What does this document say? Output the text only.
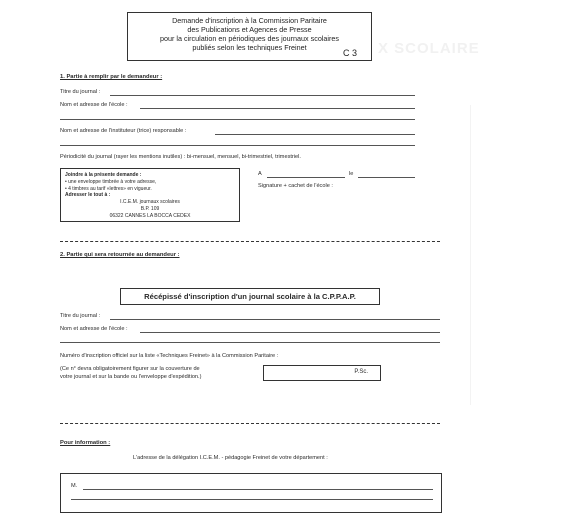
X SCOLAIRE
Demande d'inscription à la Commission Paritaire
des Publications et Agences de Presse
pour la circulation en périodiques des journaux scolaires
publiés selon les techniques Freinet
C 3
1. Partie à remplir par le demandeur :
Titre du journal :
Nom et adresse de l'école :
Nom et adresse de l'instituteur (trice) responsable :
Périodicité du journal (rayer les mentions inutiles) : bi-mensuel, mensuel, bi-trimestriel, trimestriel.
Joindre à la présente demande :
• une enveloppe timbrée à votre adresse,
• 4 timbres au tarif «lettres» en vigueur.
Adresser le tout à :
I.C.E.M. journaux scolaires
B.P. 109
06322 CANNES LA BOCCA CEDEX
A	le
Signature + cachet de l'école :
2. Partie qui sera retournée au demandeur :
Récépissé d'inscription d'un journal scolaire à la C.P.P.A.P.
Titre du journal :
Nom et adresse de l'école :
Numéro d'inscription officiel sur la liste «Techniques Freinet» à la Commission Paritaire :
(Ce n° devra obligatoirement figurer sur la couverture de
votre journal et sur la bande ou l'enveloppe d'expédition.)
P.Sc.
Pour information :
L'adresse de la délégation I.C.E.M. - pédagogie Freinet de votre département :
M.
